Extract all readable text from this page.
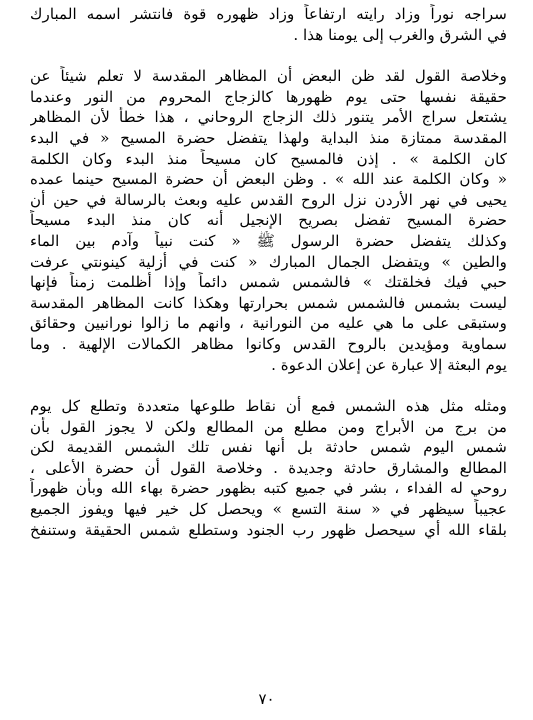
سراجه نوراً وزاد رايته ارتفاعاً وزاد ظهوره قوة فانتشر اسمه المبارك
في الشرق والغرب إلى يومنا هذا .
وخلاصة القول لقد ظن البعض أن المظاهر المقدسة لا تعلم شيئاً عن
حقيقة نفسها حتى يوم ظهورها كالزجاج المحروم من النور وعندما
يشتعل سراج الأمر يتنور ذلك الزجاج الروحاني ، هذا خطأ لأن المظاهر
المقدسة ممتازة منذ البداية ولهذا يتفضل حضرة المسيح « في البدء
كان الكلمة » . إذن فالمسيح كان مسيحاً منذ البدء وكان الكلمة
« وكان الكلمة عند الله » . وظن البعض أن حضرة المسيح حينما عمده
يحيى في نهر الأردن نزل الروح القدس عليه وبعث بالرسالة في حين أن
حضرة المسيح تفضل بصريح الإنجيل أنه كان منذ البدء مسيحاً
وكذلك يتفضل حضرة الرسول ﷺ « كنت نبياً وآدم بين الماء
والطين » ويتفضل الجمال المبارك « كنت في أزلية كينونتي عرفت
حبي فيك فخلقتك » فالشمس شمس دائماً وإذا أظلمت زمناً فإنها
ليست بشمس فالشمس شمس بحرارتها وهكذا كانت المظاهر المقدسة
وستبقى على ما هي عليه من النورانية ، وانهم ما زالوا نورانيين وحقائق
سماوية ومؤيدين بالروح القدس وكانوا مظاهر الكمالات الإلهية . وما
يوم البعثة إلا عبارة عن إعلان الدعوة .
ومثله مثل هذه الشمس فمع أن نقاط طلوعها متعددة وتطلع كل يوم
من برج من الأبراج ومن مطلع من المطالع ولكن لا يجوز القول بأن
شمس اليوم شمس حادثة بل أنها نفس تلك الشمس القديمة لكن
المطالع والمشارق حادثة وجديدة . وخلاصة القول أن حضرة الأعلى ،
روحي له الفداء ، بشر في جميع كتبه بظهور حضرة بهاء الله وبأن ظهوراً
عجيباً سيظهر في « سنة التسع » ويحصل كل خير فيها ويفوز الجميع
بلقاء الله أي سيحصل ظهور رب الجنود وستطلع شمس الحقيقة وستنفخ
٧٠
